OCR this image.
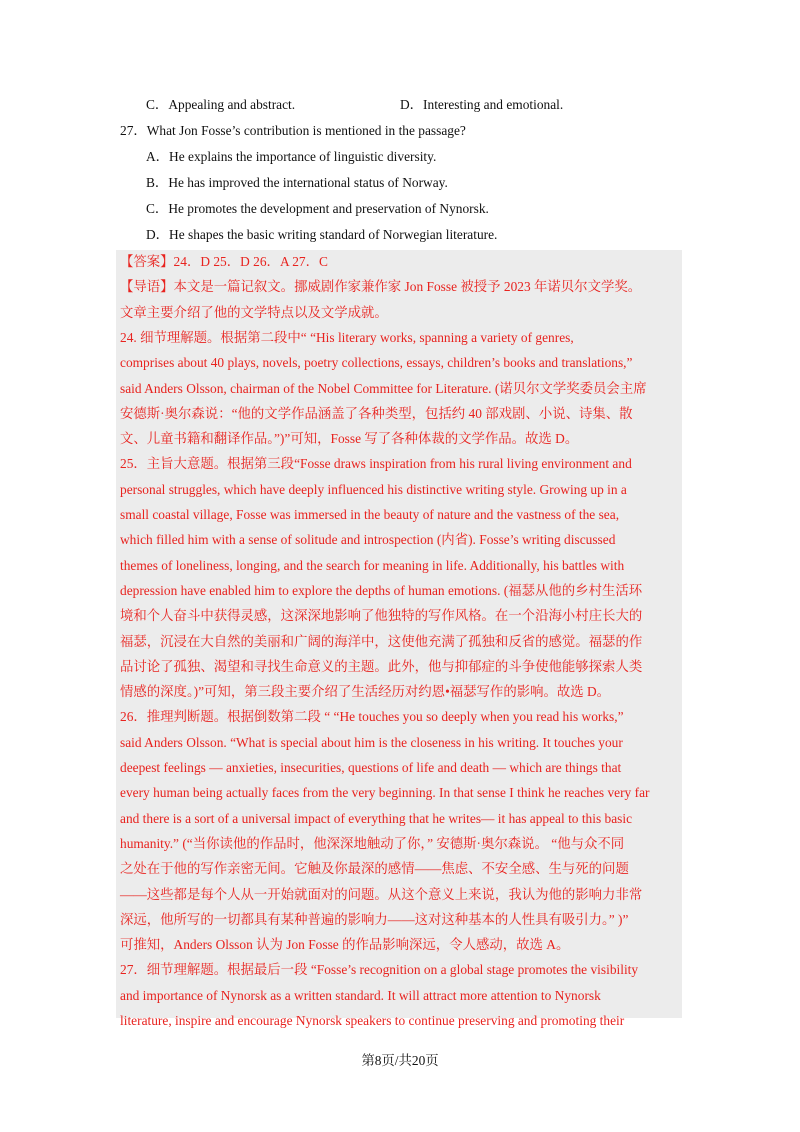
C．Appealing and abstract.	D．Interesting and emotional.
27．What Jon Fosse’s contribution is mentioned in the passage?
A．He explains the importance of linguistic diversity.
B．He has improved the international status of Norway.
C．He promotes the development and preservation of Nynorsk.
D．He shapes the basic writing standard of Norwegian literature.
【答案】24．D 25．D 26．A 27．C
【导语】本文是一篇记叙文。挪威剧作家兼作家 Jon Fosse 被授予 2023 年诺贝尔文学奖。
文章主要介绍了他的文学特点以及文学成就。
24. 细节理解题。根据第二段中“ “His literary works, spanning a variety of genres,
comprises about 40 plays, novels, poetry collections, essays, children’s books and translations,”
said Anders Olsson, chairman of the Nobel Committee for Literature. (诺贝尔文学奖委员会主席
安德斯·奥尔森说：“他的文学作品涵盖了各种类型，包括约 40 部戏剧、小说、诗集、散
文、儿童书籍和翻译作品。”)”可知，Fosse 写了各种体裁的文学作品。故选 D。
25．主旨大意题。根据第三段“Fosse draws inspiration from his rural living environment and
personal struggles, which have deeply influenced his distinctive writing style. Growing up in a
small coastal village, Fosse was immersed in the beauty of nature and the vastness of the sea,
which filled him with a sense of solitude and introspection (内省). Fosse’s writing discussed
themes of loneliness, longing, and the search for meaning in life. Additionally, his battles with
depression have enabled him to explore the depths of human emotions. (福瑟从他的乡村生活环
境和个人奋斗中获得灵感，这深深地影响了他独特的写作风格。在一个沿海小村庄长大的
福瑟，沉浸在大自然的美丽和广阔的海洋中，这使他充满了孤独和反省的感觉。福瑟的作
品讨论了孤独、渴望和寻找生命意义的主题。此外，他与抑郁症的斗争使他能够探索人类
情感的深度。)”可知，第三段主要介绍了生活经历对约恩•福瑟写作的影响。故选 D。
26．推理判断题。根据倒数第二段 “ “He touches you so deeply when you read his works,”
said Anders Olsson. “What is special about him is the closeness in his writing. It touches your
deepest feelings — anxieties, insecurities, questions of life and death — which are things that
every human being actually faces from the very beginning. In that sense I think he reaches very far
and there is a sort of a universal impact of everything that he writes— it has appeal to this basic
humanity.” (“当你读他的作品时，他深深地触动了你，” 安德斯·奥尔森说。 “他与众不同
之处在于他的写作亲密无间。它触及你最深的感情——焦虑、不安全感、生与死的问题
——这些都是每个人从一开始就面对的问题。从这个意义上来说，我认为他的影响力非常
深远，他所写的一切都具有某种普遍的影响力——这对这种基本的人性具有吸引力。” )”
可推知，Anders Olsson 认为 Jon Fosse 的作品影响深远，令人感动，故选 A。
27．细节理解题。根据最后一段 “Fosse’s recognition on a global stage promotes the visibility
and importance of Nynorsk as a written standard. It will attract more attention to Nynorsk
literature, inspire and encourage Nynorsk speakers to continue preserving and promoting their
第8页/共20页
